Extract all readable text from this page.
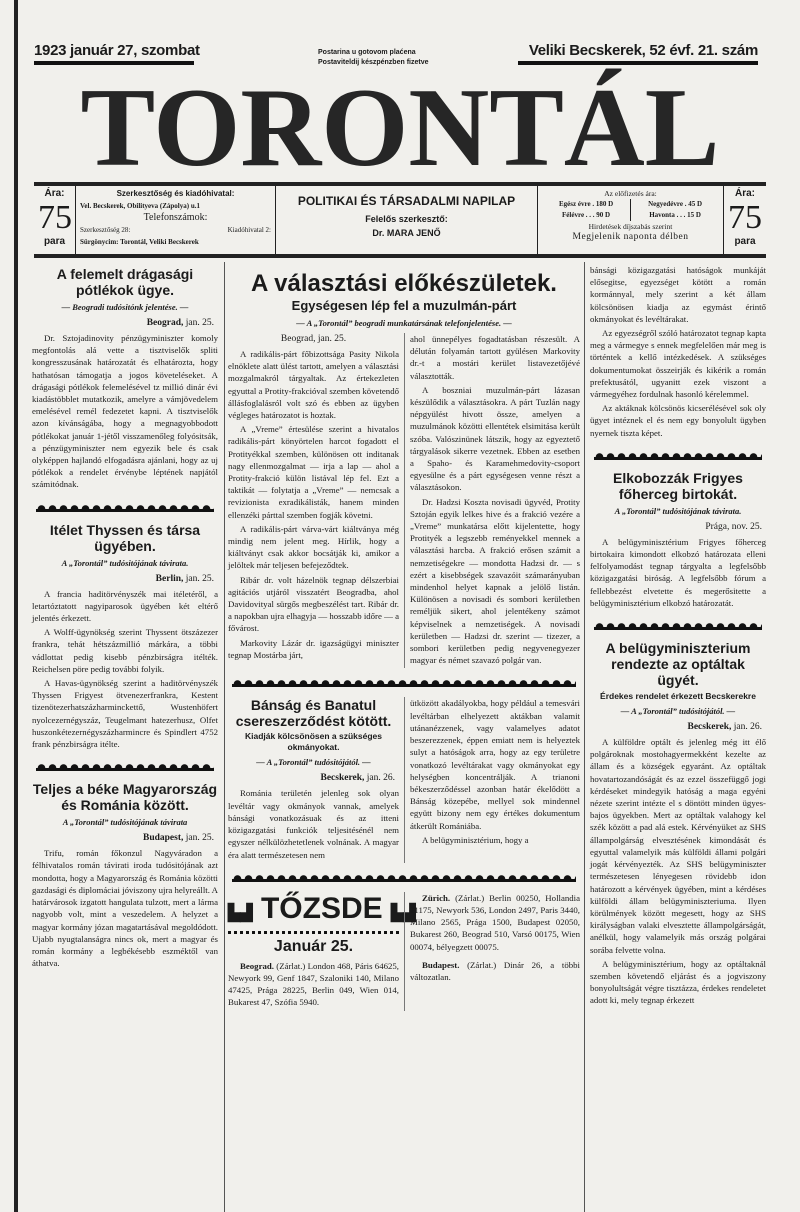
1923 január 27, szombat	Postarina u gotovom plaćena
Postaviteldij készpénzben fizetve
Veliki Becskerek, 52 évf. 21. szám
TORONTÁL
Ára:
75
para
Szerkesztőség és kiadóhivatal:
Vel. Becskerek, Obilityeva (Zápolya) u.1
Telefonszámok:
Szerkesztőség 28:	Kiadóhivatal 2:
Sürgönycim: Torontál, Veliki Becskerek
POLITIKAI ÉS TÁRSADALMI NAPILAP
Felelős szerkesztő:
Dr. MARA JENŐ
Az előfizetés ára:
Egész évre . 180 D	Negyedévre . 45 D
Félévre . . . 90 D	Havonta . . . 15 D
Hirdetések díjszabás szerint
Megjelenik naponta délben
Ára:
75
para
A felemelt drágasági pótlékok ügye.
— Beogradi tudósitónk jelentése. —
Beograd, jan. 25.

Dr. Sztojadinovity pénzügyminiszter komoly megfontolás alá vette a tisztviselők spliti kongresszusának határozatát és elhatározta, hogy hathatósan támogatja a jogos követeléseket. A drágasági pótlékok felemelésével tz millió dinár évi kiadástöbblet mutatkozik, amelyre a vámjövedelem emelésével remél fedezetet kapni. A tisztviselők azon kívánságába, hogy a megnagyobbodott pótlékokat január 1-jétől visszamenőleg folyósitsák, a pénzügyminiszter nem egyezik bele és csak olyképpen hajlandó elfogadásra ajánlani, hogy az uj pótlékok a rendelet érvénybe léptének napjától számitódnak.

Itélet Thyssen és társa ügyében.
A „Torontál” tudósitójának távirata.
Berlin, jan. 25.

A francia haditörvényszék mai itéletéről, a letartóztatott nagyiparosok ügyében két eltérő jelentés érkezett.

A Wolff-ügynökség szerint Thyssent ötszázezer frankra, tehát hétszázmillió márkára, a többi vádlottat pedig kisebb pénzbirságra itélték. Reichelsen pöre pedig további folyik.

A Havas-ügynökség szerint a haditörvényszék Thyssen Frigyest ötvenezerfrankra, Kestent tizenötezerhatszázharminckettő, Wustenhöfert nyolcezernégyszáz, Teugelmant hatezerhusz, Olfet huszonkétezernégyszázharmincre és Spindlert 4752 frank pénzbirságra itélte.

Teljes a béke Magyarország és Románia között.
A „Torontál” tudósitójának távirata
Budapest, jan. 25.

Trifu, román főkonzul Nagyváradon a félhivatalos román távirati iroda tudósitójának azt mondotta, hogy a Magyarország és Románia közötti gazdasági és diplomáciai jóviszony ujra helyreállt. A határvárosok izgatott hangulata tulzott, mert a lárma nagyobb volt, mint a veszedelem. A helyzet a magyar kormány józan magatartásával megoldódott. Ujabb nyugtalanságra nincs ok, mert a magyar és román kormány a legbékésebb eszméktől van áthatva.

A választási előkészületek.
Egységesen lép fel a muzulmán-párt
— A „Torontál” beogradi munkatársának telefonjelentése. —
Beograd, jan. 25.

A radikális-párt főbizottsága Pasity Nikola elnöklete alatt ülést tartott, amelyen a választási mozgalmakról tárgyaltak. Az értekezleten egyuttal a Protity-frakcióval szemben követendő állásfoglalásról volt szó és ebben az ügyben végleges határozatot is hoztak.

A „Vreme” értesülése szerint a hivatalos radikális-párt könyörtelen harcot fogadott el Protityékkal szemben, különösen ott inditanak nagy ellenmozgalmat — irja a lap — ahol a Protity-frakció külön listával lép fel. Ezt a taktikát — folytatja a „Vreme” — nemcsak a revizionista exradikálisták, hanem minden ellenzéki párttal szemben fogják követni.

A radikális-párt várva-várt kiáltványa még mindig nem jelent meg. Hírlik, hogy a kiáltványt csak akkor bocsátják ki, amikor a jelöltek már teljesen befejeződtek.

Ribár dr. volt házelnök tegnap délszerbiai agitációs utjáról visszatért Beogradba, ahol Davidovityal sürgős megbeszélést tart. Ribár dr. a napokban ujra elhagyja — hosszabb időre — a fővárost.

Markovity Lázár dr. igazságügyi miniszter tegnap Mostárba járt,

ahol ünnepélyes fogadtatásban részesült. A délután folyamán tartott gyülésen Markovity dr.-t a mostári kerület listavezetőjévé választották.

A boszniai muzulmán-párt lázasan készülődik a választásokra. A párt Tuzlán nagy népgyülést hivott össze, amelyen a muzulmánok közötti ellentétek elsimitása került szóba. Valószinünek látszik, hogy az egyeztető tárgyalások sikerre vezetnek. Ebben az esetben a Spaho- és Karamehmedovity-csoport egyesülne és a párt egységesen venne részt a választásokon.

Dr. Hadzsi Koszta novisadi ügyvéd, Protity Sztoján egyik lelkes hive és a frakció vezére a „Vreme” munkatársa előtt kijelentette, hogy Protityék a legszebb reményekkel mennek a választási harcba. A frakció erősen számit a nemzetiségekre — mondotta Hadzsi dr. — s ezért a kisebbségek szavazóit számarányuban mindenhol helyet kapnak a jelölő listán. Különösen a novisadi és sombori kerületben reméljük sikert, ahol jelentékeny számot képviselnek a nemzetiségek. A novisadi kerületben — Hadzsi dr. szerint — tizezer, a sombori kerületben pedig negyvenegyezer magyar és német szavazó polgár van.

Bánság és Banatul csereszerződést kötött.
Kiadják kölcsönösen a szükséges okmányokat.
— A „Torontál” tudósitójától. —
Becskerek, jan. 26.

Románia területén jelenleg sok olyan levéltár vagy okmányok vannak, amelyek bánsági vonatkozásuak és az itteni közigazgatási funkciók teljesitésénél nem egyszer nélkülözhetetlenek volnának. A magyar éra alatt természetesen nem

ütközött akadályokba, hogy például a temesvári levéltárban elhelyezett aktákban valamit utánanézzenek, vagy valamelyes adatot beszerezzenek, éppen emiatt nem is helyeztek sulyt a hatóságok arra, hogy az egy területre vonatkozó levéltárakat vagy okmányokat egy helységben koncentrálják. A trianoni békeszerződéssel azonban határ ékelődött a Bánság közepébe, mellyel sok mindennel együtt bizony nem egy értékes dokumentum átkerült Romániába.

A belügyminisztérium, hogy a

▙▟ TŐZSDE ▙▟
Január 25.

Beograd. (Zárlat.) London 468, Páris 64625, Newyork 99, Genf 1847, Szaloniki 140, Milano 47425, Prága 28225, Berlin 049, Wien 014, Bukarest 47, Szófia 5940.

Zürich. (Zárlat.) Berlin 00250, Hollandia 21175, Newyork 536, London 2497, Paris 3440, Milano 2565, Prága 1500, Budapest 02050, Bukarest 260, Beograd 510, Varsó 00175, Wien 00074, bélyegzett 00075.

Budapest. (Zárlat.) Dinár 26, a többi változatlan.

bánsági közigazgatási hatóságok munkáját elősegitse, egyezséget kötött a román kormánnyal, mely szerint a két állam kölcsönösen kiadja az egymást érintő okmányokat és levéltárakat.

Az egyezségről szóló határozatot tegnap kapta meg a vármegye s ennek megfelelően már meg is történtek a kellő intézkedések. A szükséges dokumentumokat összeirják és kikérik a román prefektusától, ugyanitt ezek viszont a vármegyéhez fordulnak hasonló kérelemmel.

Az aktáknak kölcsönös kicserélésével sok oly ügyet intéznek el és nem egy bonyolult ügyben nyernek tiszta képet.

Elkobozzák Frigyes főherceg birtokát.
A „Torontál” tudósitójának távirata.
Prága, nov. 25.

A belügyminisztérium Frigyes főherceg birtokaira kimondott elkobzó határozata elleni felfolyamodást tegnap tárgyalta a legfelsőbb közigazgatási biróság. A legfelsőbb fórum a fellebbezést elvetette és megerősitette a belügyminisztérium elkobzó határozatát.

A belügyminiszterium rendezte az optáltak ügyét.
Érdekes rendelet érkezett Becskerekre
— A „Torontál” tudósitójától. —
Becskerek, jan. 26.

A külföldre optált és jelenleg még itt élő polgároknak mostohagyermekként kezelte az állam és a községek egyaránt. Az optáltak hovatartozandóságát és az ezzel összefüggő jogi kérdéseket mindegyik hatóság a maga egyéni nézete szerint intézte el s döntött minden ügyes-bajos ügyekben. Mert az optáltak valahogy kel szék között a pad alá estek. Kérvényüket az SHS állampolgárság elvesztésének kimondását és egyuttal valamelyik más külföldi állami polgári jogát kérvényezték. Az SHS belügyminiszter természetesen lényegesen rövidebb idon határozott a kérvények ügyében, mint a kérdéses külföldi állam belügyminiszteriuma. Ilyen körülmények között megesett, hogy az SHS királyságban valaki elvesztette állampolgárságát, anélkül, hogy valamelyik más ország polgárai sorába felvette volna.

A belügyminisztérium, hogy az optáltaknál szemben követendő eljárást és a jogviszony bonyolultságát végre tisztázza, érdekes rendeletet adott ki, mely tegnap érkezett
